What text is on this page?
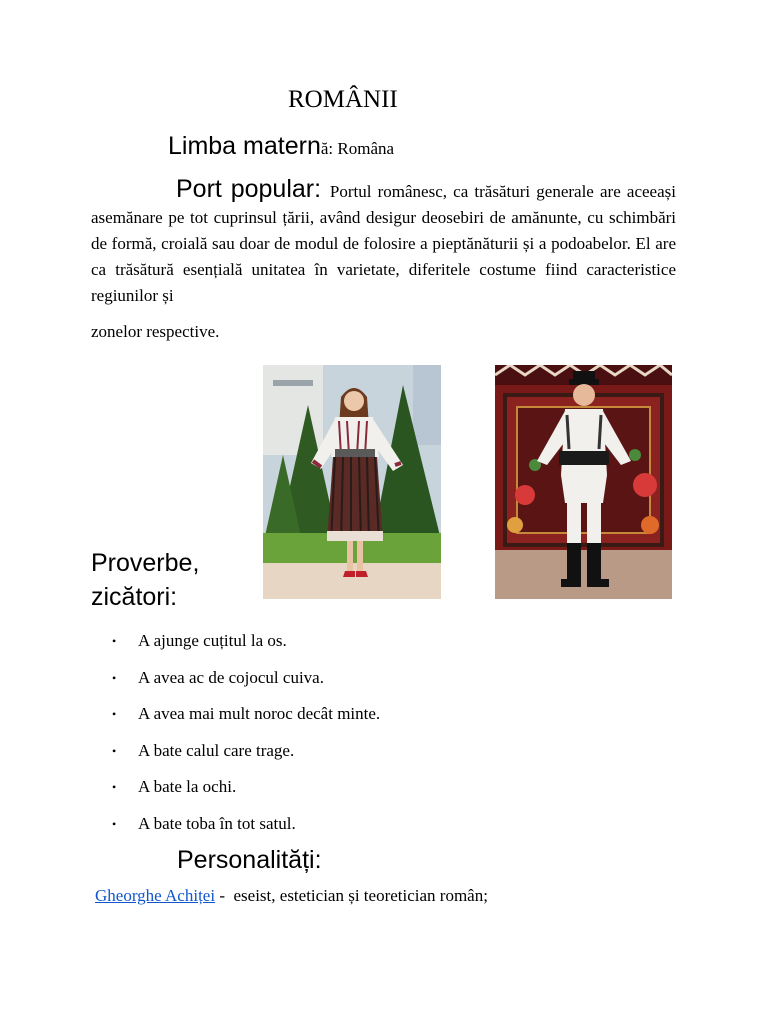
ROMÂNII
Limba maternă: Româna
Port popular: Portul românesc, ca trăsături generale are aceeași asemănare pe tot cuprinsul țării, având desigur deosebiri de amănunte, cu schimbări de formă, croială sau doar de modul de folosire a pieptănăturii și a podoabelor. El are ca trăsătură esențială unitatea în varietate, diferitele costume fiind caracteristice regiunilor și
zonelor respective.
Proverbe, zicători:
• A ajunge cuțitul la os.
• A avea ac de cojocul cuiva.
• A avea mai mult noroc decât minte.
• A bate calul care trage.
• A bate la ochi.
• A bate toba în tot satul.
Personalități:
Gheorghe Achiței -  eseist, estetician și teoretician român;
